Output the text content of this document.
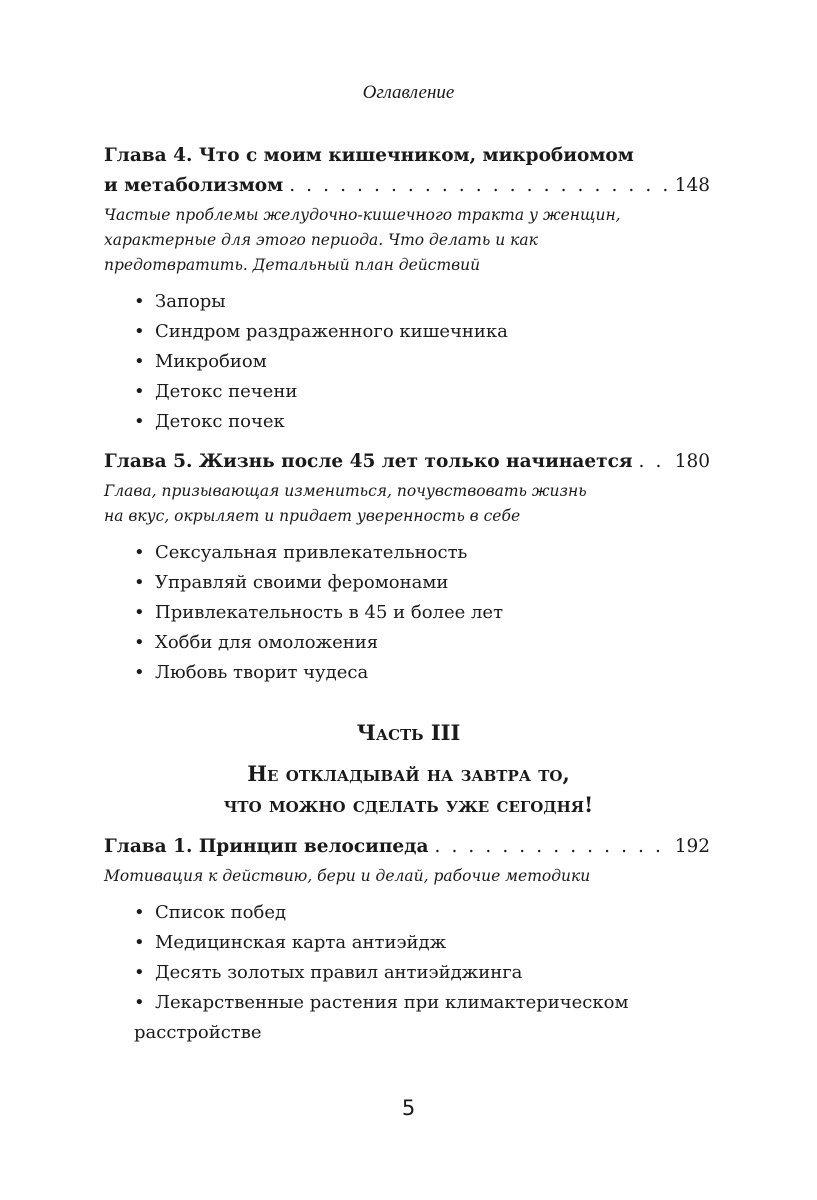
Оглавление
Глава 4. Что с моим кишечником, микробиомом
и метаболизмом . . .	148
Частые проблемы желудочно-кишечного тракта у женщин,
характерные для этого периода. Что делать и как
предотвратить. Детальный план действий
• Запоры
• Синдром раздраженного кишечника
• Микробиом
• Детокс печени
• Детокс почек
Глава 5. Жизнь после 45 лет только начинается . . . 180
Глава, призывающая измениться, почувствовать жизнь
на вкус, окрыляет и придает уверенность в себе
• Сексуальная привлекательность
• Управляй своими феромонами
• Привлекательность в 45 и более лет
• Хобби для омоложения
• Любовь творит чудеса
Часть III
Не откладывай на завтра то,
что можно сделать уже сегодня!
Глава 1. Принцип велосипеда . . .	192
Мотивация к действию, бери и делай, рабочие методики
• Список побед
• Медицинская карта антиэйдж
• Десять золотых правил антиэйджинга
• Лекарственные растения при климактерическом
расстройстве
5
